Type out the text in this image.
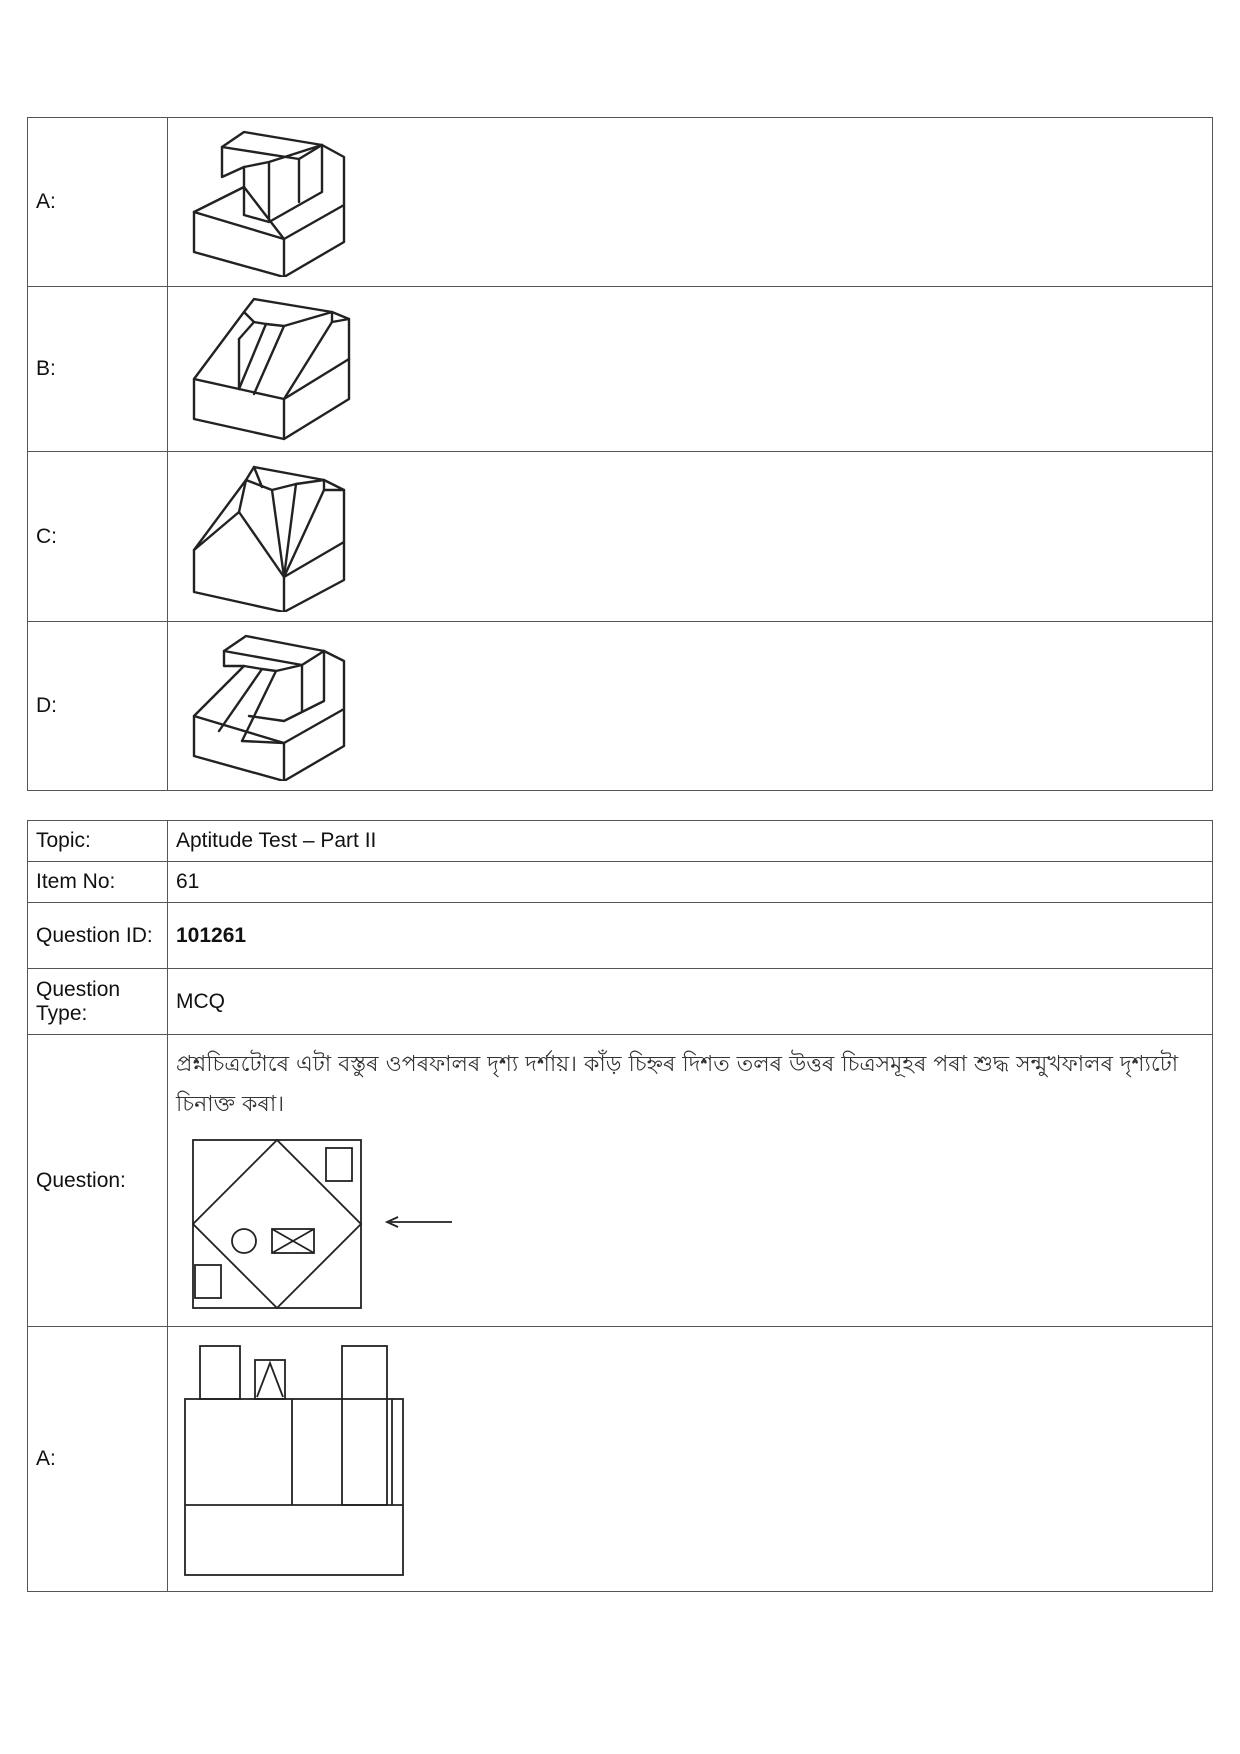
A:	

B:	

C:	

D:	
Topic:	Aptitude Test – Part II
Item No:	61
Question ID:	101261
Question Type:	MCQ
Question:	প্রশ্নচিত্রটোৰে এটা বস্তুৰ ওপৰফালৰ দৃশ্য দৰ্শায়। কাঁড় চিহ্নৰ দিশত তলৰ উত্তৰ চিত্ৰসমূহৰ পৰা শুদ্ধ সন্মুখফালৰ দৃশ্যটো চিনাক্ত কৰা।

A:	
